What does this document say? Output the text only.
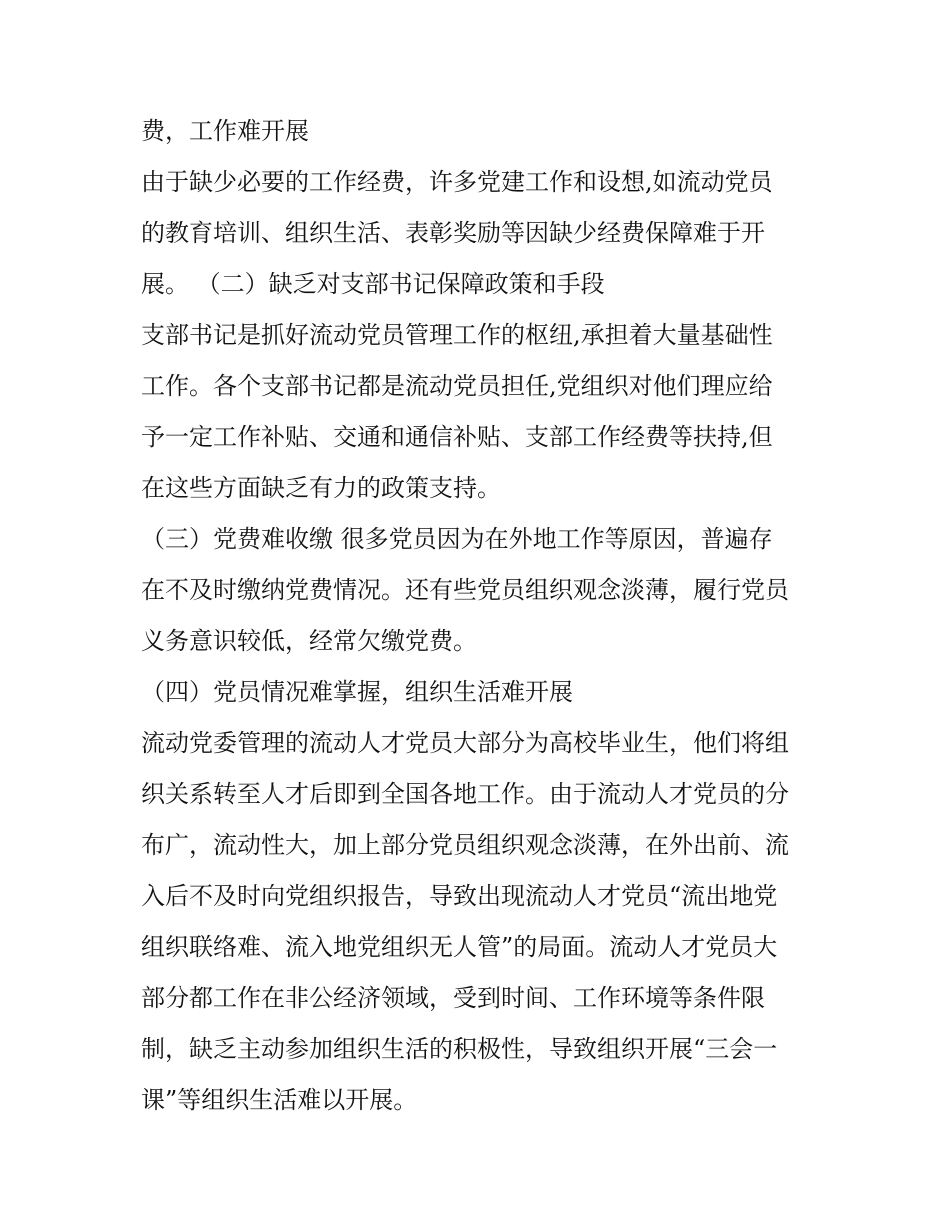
费，工作难开展
由于缺少必要的工作经费，许多党建工作和设想,如流动党员
的教育培训、组织生活、表彰奖励等因缺少经费保障难于开
展。 （二）缺乏对支部书记保障政策和手段
支部书记是抓好流动党员管理工作的枢纽,承担着大量基础性
工作。各个支部书记都是流动党员担任,党组织对他们理应给
予一定工作补贴、交通和通信补贴、支部工作经费等扶持,但
在这些方面缺乏有力的政策支持。
（三）党费难收缴 很多党员因为在外地工作等原因，普遍存
在不及时缴纳党费情况。还有些党员组织观念淡薄，履行党员
义务意识较低，经常欠缴党费。
（四）党员情况难掌握，组织生活难开展
流动党委管理的流动人才党员大部分为高校毕业生，他们将组
织关系转至人才后即到全国各地工作。由于流动人才党员的分
布广，流动性大，加上部分党员组织观念淡薄，在外出前、流
入后不及时向党组织报告，导致出现流动人才党员“流出地党
组织联络难、流入地党组织无人管”的局面。流动人才党员大
部分都工作在非公经济领域，受到时间、工作环境等条件限
制，缺乏主动参加组织生活的积极性，导致组织开展“三会一
课”等组织生活难以开展。
